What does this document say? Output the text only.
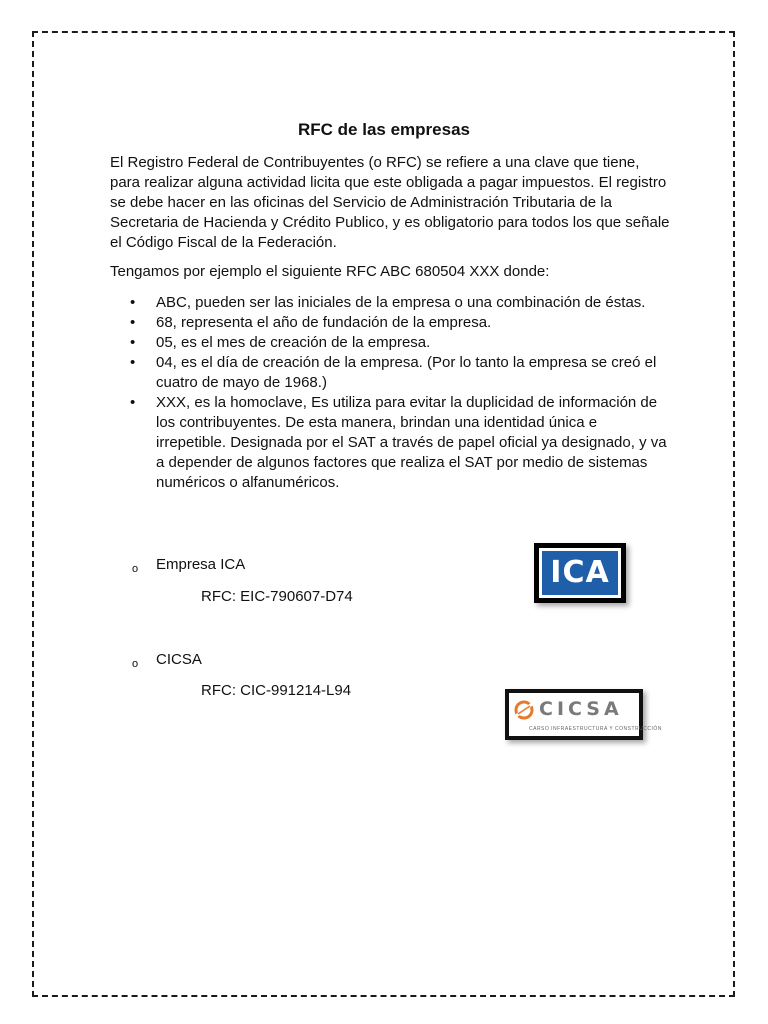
RFC de las empresas

El Registro Federal de Contribuyentes (o RFC) se refiere a una clave que tiene, para realizar alguna actividad licita que este obligada a pagar impuestos. El registro se debe hacer en las oficinas del Servicio de Administración Tributaria de la Secretaria de Hacienda y Crédito Publico, y es obligatorio para todos los que señale el Código Fiscal de la Federación.

Tengamos por ejemplo el siguiente RFC ABC 680504 XXX donde:

• ABC, pueden ser las iniciales de la empresa o una combinación de éstas.
• 68, representa el año de fundación de la empresa.
• 05, es el mes de creación de la empresa.
• 04, es el día de creación de la empresa. (Por lo tanto la empresa se creó el cuatro de mayo de 1968.)
• XXX, es la homoclave, Es utiliza para evitar la duplicidad de información de los contribuyentes. De esta manera, brindan una identidad única e irrepetible. Designada por el SAT a través de papel oficial ya designado, y va a depender de algunos factores que realiza el SAT por medio de sistemas numéricos o alfanuméricos.
o Empresa ICA
RFC: EIC-790607-D74
o CICSA
RFC: CIC-991214-L94
ICA
CICSA
CARSO INFRAESTRUCTURA Y CONSTRUCCIÓN
